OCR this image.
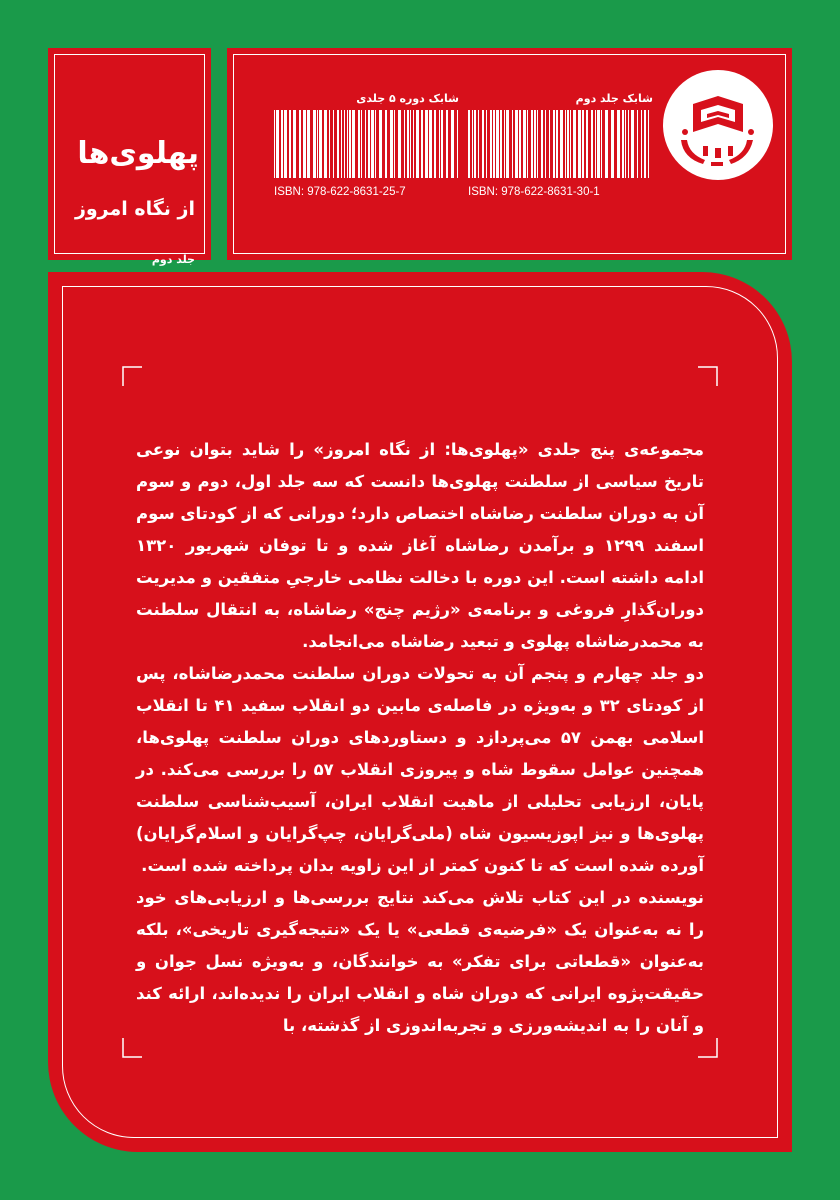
پهلوی‌ها
از نگاه امروز
جلد دوم
شابک جلد دوم
ISBN: 978-622-8631-30-1
شابک دوره ۵ جلدی
ISBN: 978-622-8631-25-7

مجموعه‌ی پنج جلدی «پهلوی‌ها: از نگاه امروز» را شاید بتوان نوعی تاریخ سیاسی از سلطنت پهلوی‌ها دانست که سه جلد اول، دوم و سوم آن به دوران سلطنت رضاشاه اختصاص دارد؛ دورانی که از کودتای سوم اسفند ۱۲۹۹ و برآمدن رضاشاه آغاز شده و تا توفان شهریور ۱۳۲۰ ادامه داشته است. این دوره با دخالت نظامی خارجیِ متفقین و مدیریت دوران‌گذارِ فروغی و برنامه‌ی «رژیم چنج» رضاشاه، به انتقال سلطنت به محمدرضاشاه پهلوی و تبعید رضاشاه می‌انجامد.

دو جلد چهارم و پنجم آن به تحولات دوران سلطنت محمدرضاشاه، پس از کودتای ۳۲ و به‌ویژه در فاصله‌ی مابین دو انقلاب سفید ۴۱ تا انقلاب اسلامی بهمن ۵۷ می‌پردازد و دستاوردهای دوران سلطنت پهلوی‌ها، همچنین عوامل سقوط شاه و پیروزی انقلاب ۵۷ را بررسی می‌کند. در پایان، ارزیابی تحلیلی از ماهیت انقلاب ایران، آسیب‌شناسی سلطنت پهلوی‌ها و نیز اپوزیسیون شاه (ملی‌گرایان، چپ‌گرایان و اسلام‌گرایان) آورده شده است که تا کنون کمتر از این زاویه بدان پرداخته شده است.

نویسنده در این کتاب تلاش می‌کند نتایج بررسی‌ها و ارزیابی‌های خود را نه به‌عنوان یک «فرضیه‌ی قطعی» یا یک «نتیجه‌گیری تاریخی»، بلکه به‌عنوان «قطعاتی برای تفکر» به خوانندگان، و به‌ویژه نسل جوان و حقیقت‌پژوه ایرانی که دوران شاه و انقلاب ایران را ندیده‌اند، ارائه کند و آنان را به اندیشه‌ورزی و تجربه‌اندوزی از گذشته، با
